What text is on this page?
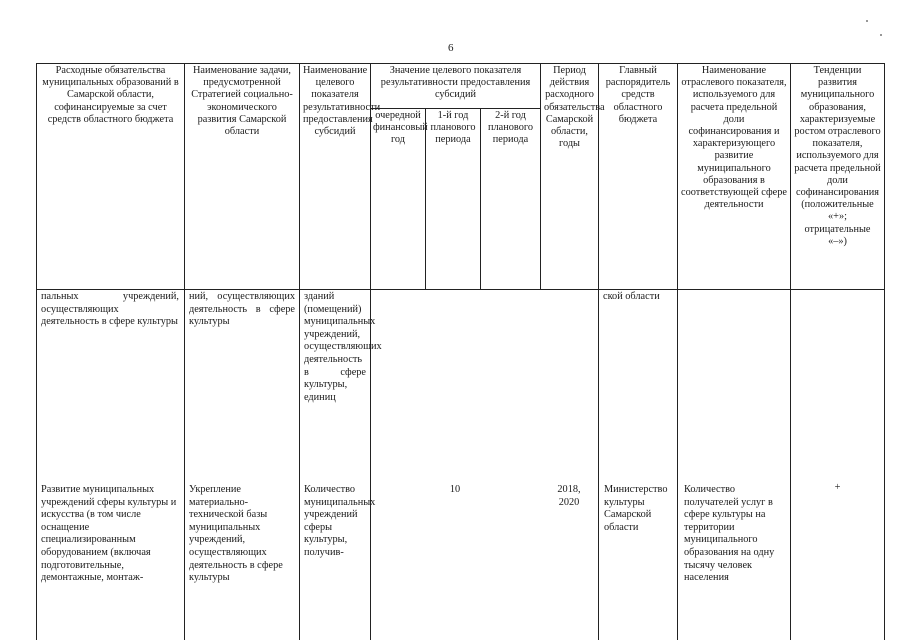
6
Расходные обязательства муниципальных образований в Самарской области, софинансируемые за счет средств областного бюджета
Наименование задачи, предусмотренной Стратегией социально-экономического развития Самарской области
Наименование целевого показателя результативности предоставления субсидий
Значение целевого показателя результативности предоставления субсидий
очередной финансовый год
1-й год планового периода
2-й год планового периода
Период действия расходного обязательства Самарской области, годы
Главный распорядитель средств областного бюджета
Наименование отраслевого показателя, используемого для расчета предельной доли софинансирования и характеризующего развитие муниципального образования в соответствующей сфере деятельности
Тенденции развития муниципального образования, характеризуемые ростом отраслевого показателя, используемого для расчета предельной доли софинансирования (положительные «+»; отрицательные «–»)
пальных учреждений, осуществляющих деятельность в сфере культуры
ний, осуществляющих деятельность в сфере культуры
зданий (помещений) муниципальных учреждений, осуществляющих деятельность в сфере культуры, единиц
ской области
Развитие муниципальных учреждений сферы культуры и искусства (в том числе оснащение специализированным оборудованием (включая подготовительные, демонтажные, монтаж-
Укрепление материально-технической базы муниципальных учреждений, осуществляющих деятельность в сфере культуры
Количество муниципальных учреждений сферы культуры, получив-
10	2018, 2020
Министерство культуры Самарской области
Количество получателей услуг в сфере культуры на территории муниципального образования на одну тысячу человек населения
+
